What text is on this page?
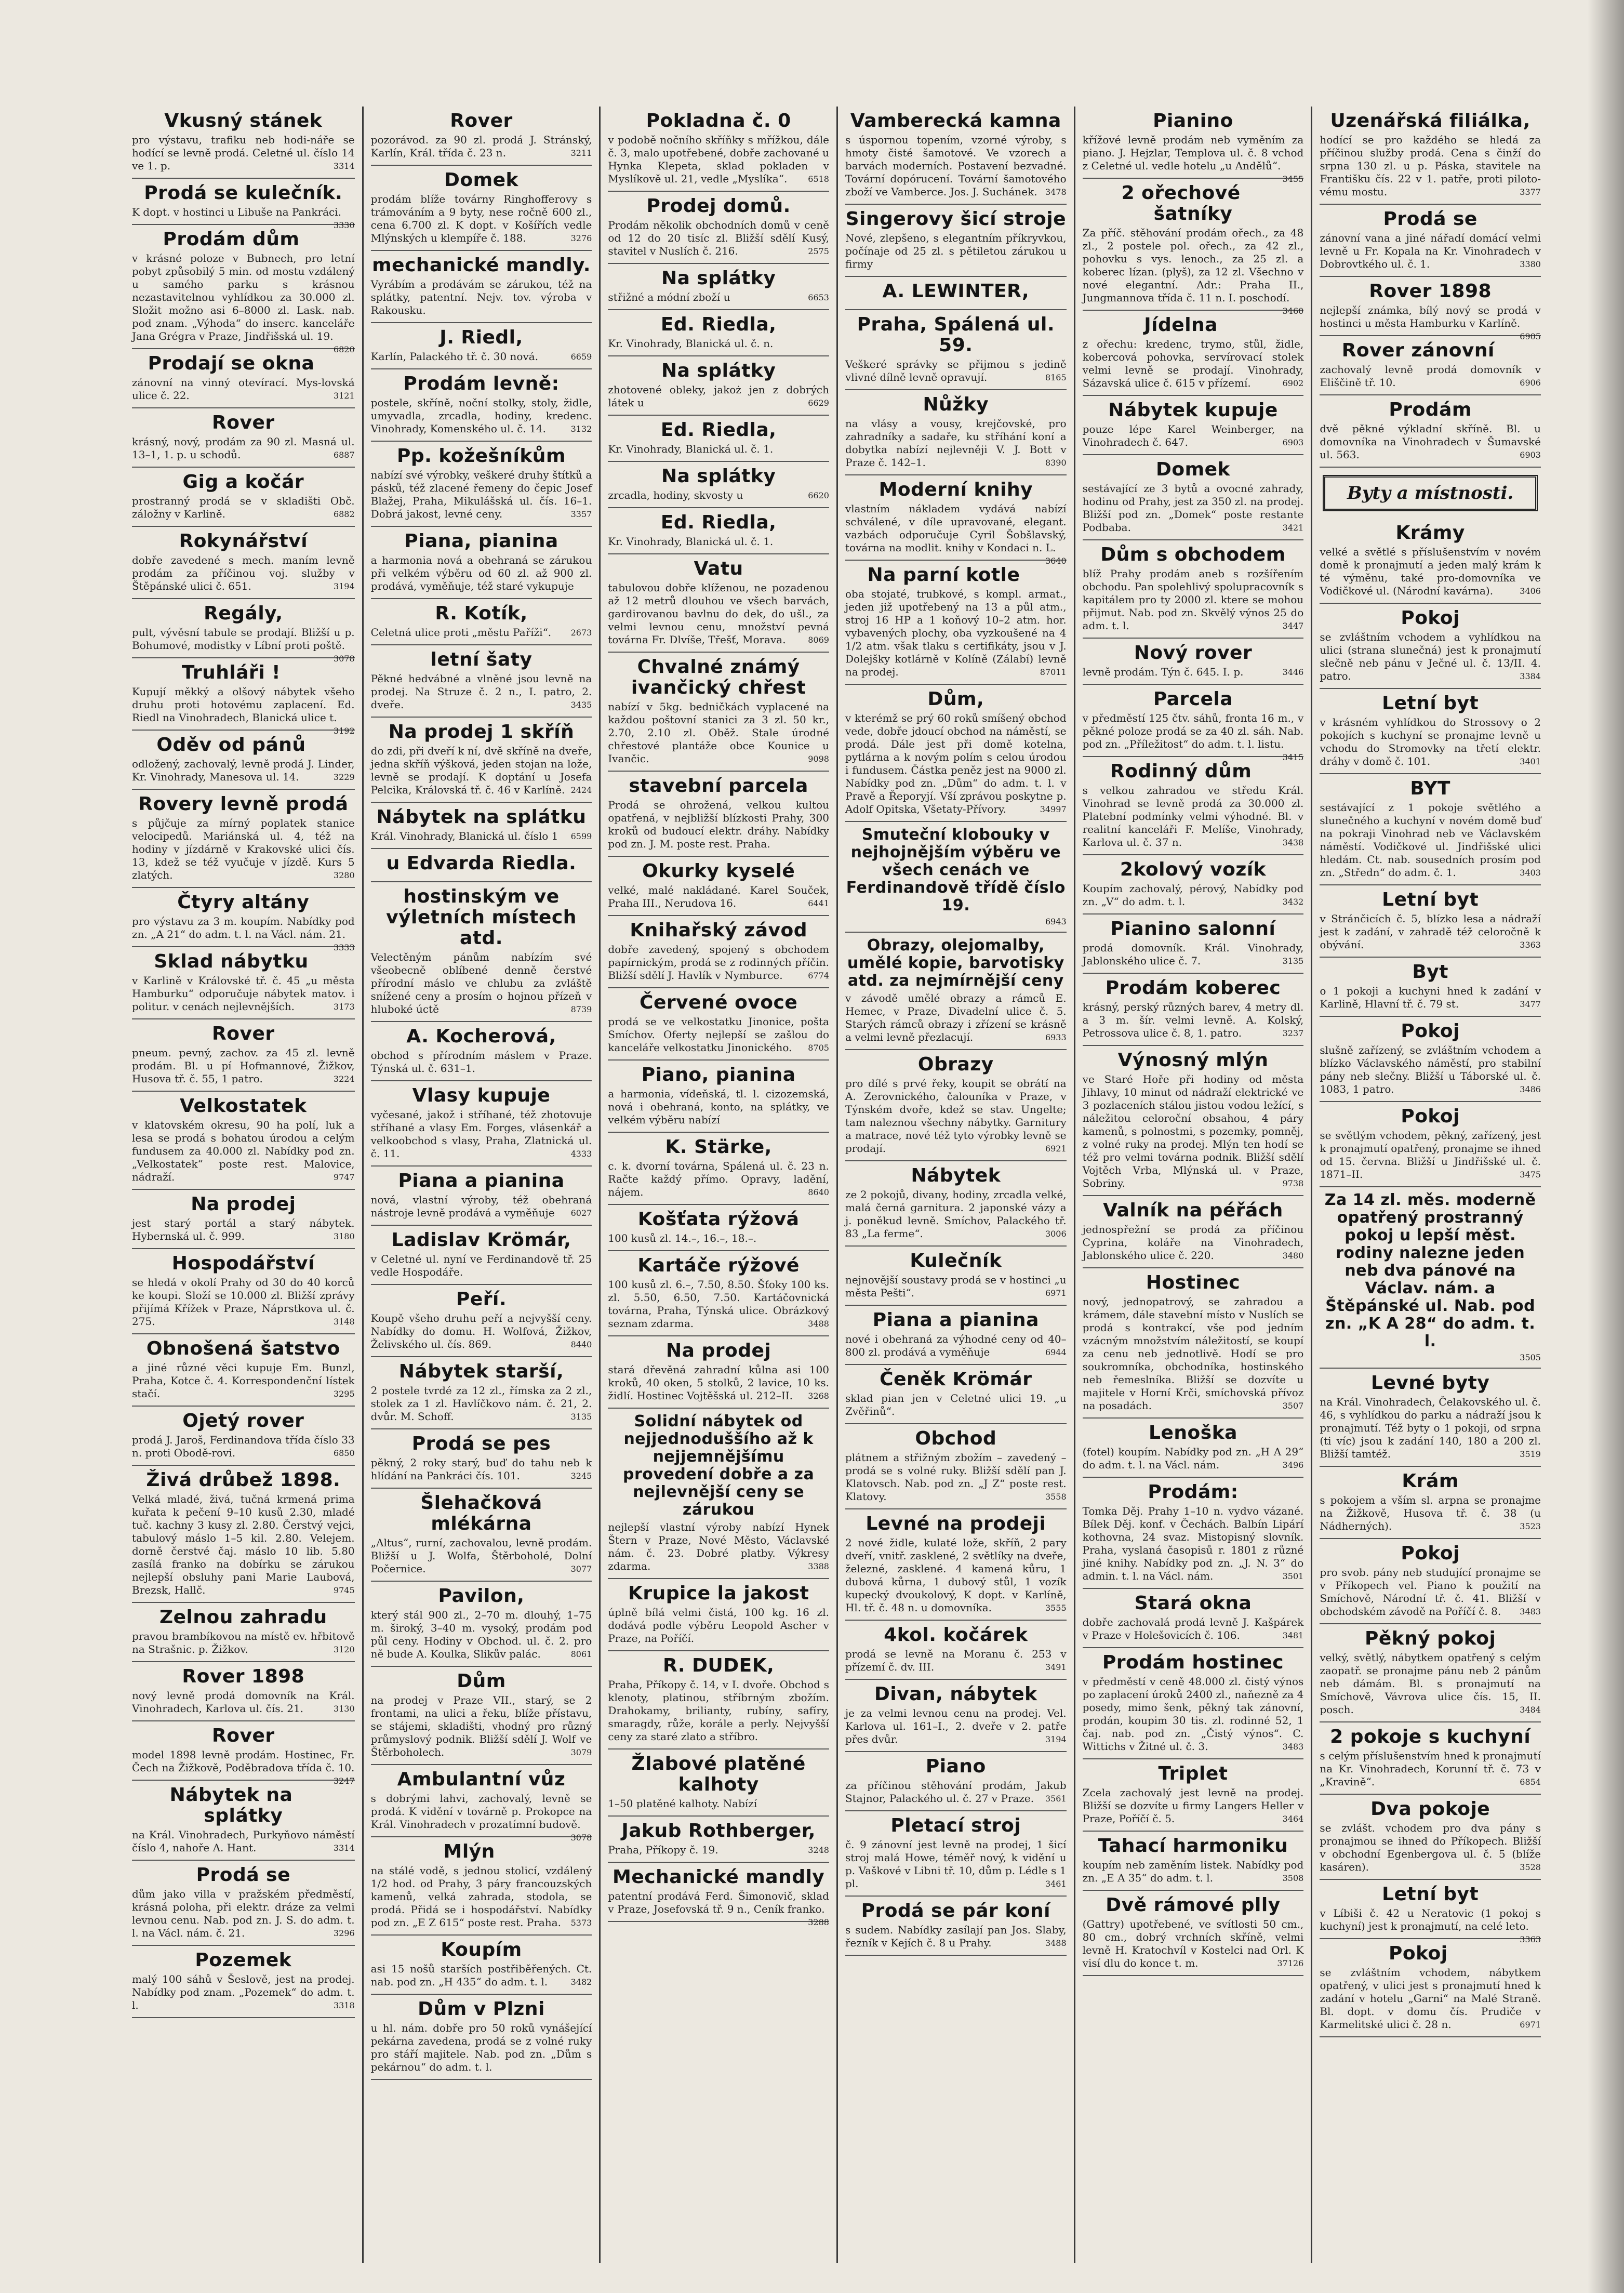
Vkusný stánek

pro výstavu, trafiku neb hodi-náře se hodící se levně prodá. Celetné ul. číslo 14 ve 1. p.	3314

Prodá se kulečník.

K dopt. v hostinci u Libuše na Pankráci.
3330

Prodám dům

v krásné poloze v Bubnech, pro letní pobyt způsobilý 5 min. od mostu vzdálený u samého parku s krásnou nezastavitelnou vyhlídkou za 30.000 zl. Složit možno asi 6–8000 zl. Lask. nab. pod znam. „Výhoda“ do inserc. kanceláře Jana Grégra v Praze, Jindřišská ul. 19.
6820

Prodají se okna

zánovní na vinný otevírací. Mys-lovská ulice č. 22.	3121

Rover

krásný, nový, prodám za 90 zl. Masná ul. 13–1, 1. p. u schodů.	6887

Gig a kočár

prostranný prodá se v skladišti Obč. záložny v Karlině.	6882

Rokynářství

dobře zavedené s mech. maním levně prodám za příčinou voj. služby v Štěpánské ulici č. 651.	3194

Regály,

pult, vývěsní tabule se prodají. Bližší u p. Bohumové, modistky v Líbní proti poště.
3078

Truhláři !

Kupují měkký a olšový nábytek všeho druhu proti hotovému zaplacení. Ed. Riedl na Vinohradech, Blanická ulice t.
3192

Oděv od pánů

odložený, zachovalý, levně prodá J. Linder, Kr. Vinohrady, Manesova ul. 14.	3229

Rovery levně prodá

s půjčuje za mírný poplatek stanice velocipedů. Mariánská ul. 4, též na hodiny v jízdárně v Krakovské ulici čís. 13, kdež se též vyučuje v jízdě. Kurs 5 zlatých.	3280

Čtyry altány

pro výstavu za 3 m. koupím. Nabídky pod zn. „A 21“ do adm. t. l. na Václ. nám. 21.
3333

Sklad nábytku

v Karlině v Královské tř. č. 45 „u města Hamburku“ odporučuje nábytek matov. i politur. v cenách nejlevnějších.	3173

Rover

pneum. pevný, zachov. za 45 zl. levně prodám. Bl. u pí Hofmannové, Žižkov, Husova tř. č. 55, 1 patro.	3224

Velkostatek

v klatovském okresu, 90 ha polí, luk a lesa se prodá s bohatou úrodou a celým fundusem za 40.000 zl. Nabídky pod zn. „Velkostatek“ poste rest. Malovice, nádraží.	9747

Na prodej

jest starý portál a starý nábytek. Hybernská ul. č. 999.	3180

Hospodářství

se hledá v okolí Prahy od 30 do 40 korců ke koupi. Složí se 10.000 zl. Bližší zprávy přijímá Křížek v Praze, Náprstkova ul. č. 275.	3148

Obnošená šatstvo

a jiné různé věci kupuje Em. Bunzl, Praha, Kotce č. 4. Korrespondenční lístek stačí.	3295

Ojetý rover

prodá J. Jaroš, Ferdinandova třída číslo 33 n. proti Obodě-rovi.	6850

Živá drůbež 1898.

Velká mladé, živá, tučná krmená prima kuřata k pečení 9–10 kusů 2.30, mladé tuč. kachny 3 kusy zl. 2.80. Čerstvý vejci, tabulový máslo 1–5 kil. 2.80. Velejem. dorně čerstvé čaj. máslo 10 lib. 5.80 zasílá franko na dobírku se zárukou nejlepší obsluhy pani Marie Laubová, Brezsk, Hallč.	9745

Zelnou zahradu

pravou brambíkovou na místě ev. hřbitově na Strašnic. p. Žižkov.	3120

Rover 1898

nový levně prodá domovník na Král. Vinohradech, Karlova ul. čís. 21.	3130

Rover

model 1898 levně prodám. Hostinec, Fr. Čech na Žižkově, Poděbradova třída č. 10.
3247

Nábytek na splátky

na Král. Vinohradech, Purkyňovo náměstí číslo 4, nahoře A. Hant.	3314

Prodá se

dům jako villa v pražském předměstí, krásná poloha, při elektr. dráze za velmi levnou cenu. Nab. pod zn. J. S. do adm. t. l. na Václ. nám. č. 21.	3296

Pozemek

malý 100 sáhů v Šeslově, jest na prodej. Nabídky pod znam. „Pozemek“ do adm. t. l.	3318

Rover

pozorávod. za 90 zl. prodá J. Stránský, Karlín, Král. třída č. 23 n.	3211

Domek

prodám blíže továrny Ringhofferovy s trámováním a 9 byty, nese ročně 600 zl., cena 6.700 zl. K dopt. v Košířích vedle Mlýnských u klempíře č. 188.	3276

mechanické mandly.

Vyrábím a prodávám se zárukou, též na splátky, patentní. Nejv. tov. výroba v Rakousku.

J. Riedl,

Karlín, Palackého tř. č. 30 nová.	6659

Prodám levně:

postele, skříně, noční stolky, stoly, židle, umyvadla, zrcadla, hodiny, kredenc. Vinohrady, Komenského ul. č. 14.	3132

Pp. kožešníkům

nabízí své výrobky, veškeré druhy štítků a pásků, též zlacené řemeny do čepic Josef Blažej, Praha, Mikulášská ul. čís. 16–1. Dobrá jakost, levné ceny.	3357

Piana, pianina

a harmonia nová a obehraná se zárukou při velkém výběru od 60 zl. až 900 zl. prodává, vyměňuje, též staré vykupuje

R. Kotík,

Celetná ulice proti „městu Paříži“. 2673

letní šaty

Pěkné hedvábné a vlněné jsou levně na prodej. Na Struze č. 2 n., I. patro, 2. dveře.	3435

Na prodej 1 skříň

do zdi, při dveří k ní, dvě skříně na dveře, jedna skříň výšková, jeden stojan na lože, levně se prodají. K doptání u Josefa Pelcika, Královská tř. č. 46 v Karlíně. 2424

Nábytek na splátku

Král. Vinohrady, Blanická ul. číslo 1 6599

u Edvarda Riedla.
hostinským ve výletních místech atd.

Velectěným pánům nabízím své všeobecně oblíbené denně čerstvé přírodní máslo ve chlubu za zvláště snížené ceny a prosím o hojnou přízeň v hluboké úctě	8739

A. Kocherová,

obchod s přírodním máslem v Praze. Týnská ul. č. 631–1.

Vlasy kupuje

vyčesané, jakož i stříhané, též zhotovuje stříhané a vlasy Em. Forges, vlásenkář a velkoobchod s vlasy, Praha, Zlatnická ul. č. 11.	4333

Piana a pianina

nová, vlastní výroby, též obehraná nástroje levně prodává a vyměňuje 6027

Ladislav Krömár,

v Celetné ul. nyní ve Ferdinandově tř. 25 vedle Hospodáře.

Peří.

Koupě všeho druhu peří a nejvyšší ceny. Nabídky do domu. H. Wolfová, Žižkov, Želivského ul. čís. 869.	8440

Nábytek starší,

2 postele tvrdé za 12 zl., římska za 2 zl., stolek za 1 zl. Havlíčkovo nám. č. 21, 2. dvůr. M. Schoff.	3135

Prodá se pes

pěkný, 2 roky starý, buď do tahu neb k hlídání na Pankráci čís. 101.	3245

Šlehačková mlékárna

„Altus“, rurní, zachovalou, levně prodám. Bližší u J. Wolfa, Štěrboholé, Dolní Počernice.	3077

Pavilon,

který stál 900 zl., 2–70 m. dlouhý, 1–75 m. široký, 3–40 m. vysoký, prodám pod půl ceny. Hodiny v Obchod. ul. č. 2. pro ně bude A. Koulka, Slikův palác.	8061

Dům

na prodej v Praze VII., starý, se 2 frontami, na ulici a řeku, blíže přístavu, se stájemi, skladišti, vhodný pro různý průmyslový podnik. Bližší sdělí J. Wolf ve Štěrboholech.	3079

Ambulantní vůz

s dobrými lahvi, zachovalý, levně se prodá. K vidění v továrně p. Prokopce na Král. Vinohradech v prozatímní budově.
3078

Mlýn

na stálé vodě, s jednou stolicí, vzdálený 1/2 hod. od Prahy, 3 páry francouzských kamenů, velká zahrada, stodola, se prodá. Přidá se i hospodářství. Nabídky pod zn. „E Z 615“ poste rest. Praha. 5373

Koupím

asi 15 nošů starších postřiběřených. Ct. nab. pod zn. „H 435“ do adm. t. l.	3482

Dům v Plzni

u hl. nám. dobře pro 50 roků vynášející pekárna zavedena, prodá se z volné ruky pro stáří majitele. Nab. pod zn. „Dům s pekárnou“ do adm. t. l.

Pokladna č. 0

v podobě nočního skříňky s mřížkou, dále č. 3, malo upotřebené, dobře zachované u Hynka Klepeta, sklad pokladen v Myslíkově ul. 21, vedle „Myslíka“. 6518

Prodej domů.

Prodám několik obchodních domů v ceně od 12 do 20 tisíc zl. Bližší sdělí Kusý, stavitel v Nuslích č. 216.	2575

Na splátky

střižné a módní zboží u	6653

Ed. Riedla,

Kr. Vinohrady, Blanická ul. č. n.

Na splátky

zhotovené obleky, jakoż jen z dobrých látek u	6629

Ed. Riedla,

Kr. Vinohrady, Blanická ul. č. 1.

Na splátky

zrcadla, hodiny, skvosty u	6620

Ed. Riedla,

Kr. Vinohrady, Blanická ul. č. 1.

Vatu

tabulovou dobře klíženou, ne pozadenou až 12 metrů dlouhou ve všech barvách, gardirovanou bavlnu do dek, do ušl., za velmi levnou cenu, množství pevná továrna Fr. Dlvíše, Třešť, Morava.	8069

Chvalné známý ivančický chřest

nabízí v 5kg. bedničkách vyplacené na každou poštovní stanici za 3 zl. 50 kr., 2.70, 2.10 zl. Oběž. Stale úrodné chřestové plantáže obce Kounice u Ivančic.	9098

stavební parcela

Prodá se ohrožená, velkou kultou opatřená, v nejbližší blízkosti Prahy, 300 kroků od budoucí elektr. dráhy. Nabídky pod zn. J. M. poste rest. Praha.

Okurky kyselé

velké, malé nakládané. Karel Souček, Praha III., Nerudova 16.	6441

Knihařský závod

dobře zavedený, spojený s obchodem papírnickým, prodá se z rodinných příčin. Bližší sdělí J. Havlík v Nymburce.	6774

Červené ovoce

prodá se ve velkostatku Jinonice, pošta Smíchov. Oferty nejlepší se zašlou do kanceláře velkostatku Jinonického. 8705

Piano, pianina

a harmonia, vídeňská, tl. l. cizozemská, nová i obehraná, konto, na splátky, ve velkém výběru nabízí

K. Stärke,

c. k. dvorní továrna, Spálená ul. č. 23 n. Račte každý přímo. Opravy, ladění, nájem.	8640

Košťata rýžová

100 kusů zl. 14.–, 16.–, 18.–.

Kartáče rýžové

100 kusů zl. 6.–, 7.50, 8.50. Šťoky 100 ks. zl. 5.50, 6.50, 7.50. Kartáčovnická továrna, Praha, Týnská ulice. Obrázkový seznam zdarma.	3488

Na prodej

stará dřevěná zahradní kůlna asi 100 kroků, 40 oken, 5 stolků, 2 lavice, 10 ks. židlí. Hostinec Vojtěšská ul. 212–II. 3268

Solidní nábytek od nejjednoduššího až k nejjemnějšímu provedení dobře a za nejlevnější ceny se zárukou

nejlepší vlastní výroby nabízí Hynek Štern v Praze, Nové Město, Václavské nám. č. 23. Dobré platby. Výkresy zdarma.	3388

Krupice la jakost

úplně bílá velmi čistá, 100 kg. 16 zl. dodává podle výběru Leopold Ascher v Praze, na Poříčí.

R. DUDEK,

Praha, Příkopy č. 14, v I. dvoře. Obchod s klenoty, platinou, stříbrným zbožím. Drahokamy, brilianty, rubíny, safíry, smaragdy, růže, korále a perly. Nejvyšší ceny za staré zlato a stříbro.

Žlabové platěné kalhoty

1–50 platěné kalhoty. Nabízí

Jakub Rothberger,

Praha, Příkopy č. 19.	3248

Mechanické mandly

patentní prodává Ferd. Šimonovič, sklad v Praze, Josefovská tř. 9 n., Ceník franko.
3288

Vamberecká kamna

s úspornou topením, vzorné výroby, s hmoty čisté šamotové. Ve vzorech a barvách moderních. Postavení bezvadné. Tovární dopórucení. Tovární šamotového zboží ve Vamberce. Jos. J. Suchánek. 3478

Singerovy šicí stroje

Nové, zlepšeno, s elegantním příkryvkou, počínaje od 25 zl. s pětiletou zárukou u firmy

A. LEWINTER,
Praha, Spálená ul. 59.

Veškeré správky se přijmou s jedině vlivné dílně levně opravují.	8165

Nůžky

na vlásy a vousy, krejčovské, pro zahradníky a sadaře, ku stříhání koní a dobytka nabízí nejlevněji V. J. Bott v Praze č. 142–1.	8390

Moderní knihy

vlastním nákladem vydává nabízí schválené, v díle upravované, elegant. vazbách odporučuje Cyril Šobšlavský, továrna na modlit. knihy v Kondaci n. L.
3640

Na parní kotle

oba stojaté, trubkové, s kompl. armat., jeden již upotřebený na 13 a půl atm., stroj 16 HP a 1 koňový 10–2 atm. hor. vybavených plochy, oba vyzkoušené na 4 1/2 atm. však tlaku s certifikáty, jsou v J. Dolejšky kotlárně v Kolíně (Zálabí) levně na prodej.	87011

Dům,

v kterémž se prý 60 roků smíšený obchod vede, dobře jdoucí obchod na náměstí, se prodá. Dále jest při domě kotelna, pytlárna a k novým polím s celou úrodou i fundusem. Částka peněz jest na 9000 zl. Nabídky pod zn. „Dům“ do adm. t. l. v Pravě a Řeporyjí. Vší zprávou poskytne p. Adolf Opitska, Všetaty-Přívory.	34997

Smuteční klobouky v nejhojnějším výběru ve všech cenách ve Ferdinandově třídě číslo 19.
6943
Obrazy, olejomalby, umělé kopie, barvotisky atd. za nejmírnější ceny

v závodě umělé obrazy a rámců E. Hemec, v Praze, Divadelní ulice č. 5. Starých rámců obrazy i zřízení se krásně a velmi levně přezlacují.	6933

Obrazy

pro dílé s prvé řeky, koupit se obrátí na A. Zerovnického, čalouníka v Praze, v Týnském dvoře, kdež se stav. Ungelte; tam naleznou všechny nábytky. Garnitury a matrace, nové též tyto výrobky levně se prodají.	6921

Nábytek

ze 2 pokojů, divany, hodiny, zrcadla velké, malá černá garnitura. 2 japonské vázy a j. poněkud levně. Smíchov, Palackého tř. 83 „La ferme“.	3006

Kulečník

nejnovější soustavy prodá se v hostinci „u města Pešti“.	6971

Piana a pianina

nové i obehraná za výhodné ceny od 40–800 zl. prodává a vyměňuje	6944

Čeněk Krömár

sklad pian jen v Celetné ulici 19. „u Zvěřinů“.

Obchod

plátnem a střižným zbožím – zavedený – prodá se s volné ruky. Bližší sdělí pan J. Klatovsch. Nab. pod zn. „J Z“ poste rest. Klatovy.	3558

Levné na prodeji

2 nové židle, kulaté lože, skříň, 2 pary dveří, vnitř. zasklené, 2 světlíky na dveře, železné, zasklené. 4 kamená kůru, 1 dubová kůrna, 1 dubový stůl, 1 vozík kupecký dvoukolový, K dopt. v Karlíně, Hl. tř. č. 48 n. u domovníka.	3555

4kol. kočárek

prodá se levně na Moranu č. 253 v přízemí č. dv. III.	3491

Divan, nábytek

je za velmi levnou cenu na prodej. Vel. Karlova ul. 161–I., 2. dveře v 2. patře přes dvůr.	3194

Piano

za příčinou stěhování prodám, Jakub Stajnor, Palackého ul. č. 27 v Praze. 3561

Pletací stroj

č. 9 zánovní jest levně na prodej, 1 šicí stroj malá Howe, téměř nový, k vidění u p. Vaškové v Libni tř. 10, dům p. Lédle s 1 pl.	3461

Prodá se pár koní

s sudem. Nabídky zasílají pan Jos. Slaby, řezník v Kejích č. 8 u Prahy.	3488

Pianino

křížové levně prodám neb vyměním za piano. J. Hejzlar, Templova ul. č. 8 vchod z Celetné ul. vedle hotelu „u Andělů“.
3455

2 ořechové šatníky

Za příč. stěhování prodám ořech., za 48 zl., 2 postele pol. ořech., za 42 zl., pohovku s vys. lenoch., za 25 zl. a koberec lízan. (plyš), za 12 zl. Všechno v nové elegantní. Adr.: Praha II., Jungmannova třída č. 11 n. I. poschodí.
3460

Jídelna

z ořechu: kredenc, trymo, stůl, židle, kobercová pohovka, servírovací stolek velmi levně se prodají. Vinohrady, Sázavská ulice č. 615 v přízemí.	6902

Nábytek kupuje

pouze lépe Karel Weinberger, na Vinohradech č. 647.	6903

Domek

sestávající ze 3 bytů a ovocné zahrady, hodinu od Prahy, jest za 350 zl. na prodej. Bližší pod zn. „Domek“ poste restante Podbaba.	3421

Dům s obchodem

blíž Prahy prodám aneb s rozšířením obchodu. Pan spolehlivý spolupracovník s kapitálem pro ty 2000 zl. ktere se mohou přijmut. Nab. pod zn. Skvělý výnos 25 do adm. t. l.	3447

Nový rover

levně prodám. Týn č. 645. I. p.	3446

Parcela

v předměstí 125 čtv. sáhů, fronta 16 m., v pěkné poloze prodá se za 40 zl. sáh. Nab. pod zn. „Příležitost“ do adm. t. l. listu.
3415

Rodinný dům

s velkou zahradou ve středu Král. Vinohrad se levně prodá za 30.000 zl. Platební podmínky velmi výhodné. Bl. v realitní kanceláři F. Melíše, Vinohrady, Karlova ul. č. 37 n.	3438

2kolový vozík

Koupím zachovalý, pérový, Nabídky pod zn. „V“ do adm. t. l.	3432

Pianino salonní

prodá domovník. Král. Vinohrady, Jablonského ulice č. 7.	3135

Prodám koberec

krásný, perský různých barev, 4 metry dl. a 3 m. šír. velmi levně. A. Kolský, Petrossova ulice č. 8, 1. patro.	3237

Výnosný mlýn

ve Staré Hoře při hodiny od města Jihlavy, 10 minut od nádraží elektrické ve 3 pozlaceních stálou jistou vodou ležící, s náležitou celoroční obsahou, 4 páry kamenů, s polnostmi, s pozemky, pomněj, z volné ruky na prodej. Mlýn ten hodí se též pro velmi továrna podnik. Bližší sdělí Vojtěch Vrba, Mlýnská ul. v Praze, Sobriny.	9738

Valník na péřách

jednospřežní se prodá za příčinou Cyprina, koláře na Vinohradech, Jablonského ulice č. 220.	3480

Hostinec

nový, jednopatrový, se zahradou a krámem, dále stavební místo v Nuslích se prodá s kontrakcí, vše pod jedním vzácným množstvím náležitostí, se koupí za cenu neb jednotlivě. Hodí se pro soukromníka, obchodníka, hostinského neb řemeslníka. Bližší se dozvíte u majitele v Horní Krči, smíchovská přívoz na posadách.	3507

Lenoška

(fotel) koupím. Nabídky pod zn. „H A 29“ do adm. t. l. na Václ. nám.	3496

Prodám:

Tomka Děj. Prahy 1–10 n. vydvo vázané. Bílek Děj. konf. v Čechách. Balbín Lipárí kothovna, 24 svaz. Mistopisný slovník. Praha, vyslaná časopisů r. 1801 z různé jiné knihy. Nabídky pod zn. „J. N. 3“ do admin. t. l. na Václ. nám.	3501

Stará okna

dobře zachovalá prodá levně J. Kašpárek v Praze v Holešovicích č. 106.	3481

Prodám hostinec

v předměstí v ceně 48.000 zl. čistý výnos po zaplacení úroků 2400 zl., naňezně za 4 posedy, mimo šenk, pěkný tak zánovní, prodán, koupim 30 tis. zl. rodinné 52, 1 čaj. nab. pod zn. „Čistý výnos“. C. Wittichs v Žitné ul. č. 3.	3483

Triplet

Zcela zachovalý jest levně na prodej. Bližší se dozvíte u firmy Langers Heller v Praze, Poříčí č. 5.	3464

Tahací harmoniku

koupím neb zaměním listek. Nabídky pod zn. „E A 35“ do adm. t. l.	3508

Dvě rámové plly

(Gattry) upotřebené, ve svítlosti 50 cm., 80 cm., dobrý vrchních skříně, velmi levně H. Kratochvíl v Kostelci nad Orl. K visí dlu do konce t. m.	37126

Uzenářská filiálka,

hodící se pro každého se hledá za příčinou služby prodá. Cena s činží do srpna 130 zl. u p. Páska, stavitele na Františku čís. 22 v 1. patře, proti piloto-vému mostu.	3377

Prodá se

zánovní vana a jiné nářadí domácí velmi levně u Fr. Kopala na Kr. Vinohradech v Dobrovtkého ul. č. 1.	3380

Rover 1898

nejlepší známka, bílý nový se prodá v hostinci u města Hamburku v Karlíně.
6905

Rover zánovní

zachovalý levně prodá domovník v Eliščině tř. 10.	6906

Prodám

dvě pěkné výkladní skříně. Bl. u domovníka na Vinohradech v Šumavské ul. 563.	6903

Byty a místnosti.
Krámy

velké a světlé s příslušenstvím v novém domě k pronajmutí a jeden malý krám k té výměnu, také pro-domovníka ve Vodičkové ul. (Národní kavárna).	3406

Pokoj

se zvláštním vchodem a vyhlídkou na ulici (strana slunečná) jest k pronajmutí slečně neb pánu v Ječné ul. č. 13/II. 4. patro.	3384

Letní byt

v krásném vyhlídkou do Strossovy o 2 pokojích s kuchyní se pronajme levně u vchodu do Stromovky na třetí elektr. dráhy v domě č. 101.	3401

BYT

sestávající z 1 pokoje světlého a slunečného a kuchyní v novém domě buď na pokraji Vinohrad neb ve Václavském náměstí. Vodičkové ul. Jindřišské ulici hledám. Ct. nab. sousedních prosím pod zn. „Středn“ do adm. č. 1.	3403

Letní byt

v Stránčicích č. 5, blízko lesa a nádraží jest k zadání, v zahradě též celoročně k obývání.	3363

Byt

o 1 pokoji a kuchyni hned k zadání v Karlině, Hlavní tř. č. 79 st.	3477

Pokoj

slušně zařízený, se zvláštním vchodem a blízko Václavského náměstí, pro stabilní pány neb slečny. Bližší u Táborské ul. č. 1083, 1 patro.	3486

Pokoj

se světlým vchodem, pěkný, zařízený, jest k pronajmutí opatřený, pronajme se ihned od 15. června. Bližší u Jindřišské ul. č. 1871–II.	3475

Za 14 zl. měs. moderně opatřený prostranný pokoj u lepší měst. rodiny nalezne jeden neb dva pánové na Václav. nám. a Štěpánské ul. Nab. pod zn. „K A 28“ do adm. t. l.
3505
Levné byty

na Král. Vinohradech, Čelakovského ul. č. 46, s vyhlídkou do parku a nádraží jsou k pronajmutí. Též byty o 1 pokoji, od srpna (ti víc) jsou k zadání 140, 180 a 200 zl. Bližší tamtéž.	3519

Krám

s pokojem a vším sl. arpna se pronajme na Žižkově, Husova tř. č. 38 (u Nádherných).	3523

Pokoj

pro svob. pány neb studující pronajme se v Příkopech vel. Piano k použití na Smíchově, Národní tř. č. 41. Bližší v obchodském závodě na Poříčí č. 8. 3483

Pěkný pokoj

velký, světlý, nábytkem opatřený s celým zaopatř. se pronajme pánu neb 2 pánům neb dámám. Bl. s pronajmutí na Smíchově, Vávrova ulice čís. 15, II. posch.	3484

2 pokoje s kuchyní

s celým příslušenstvím hned k pronajmutí na Kr. Vinohradech, Korunní tř. č. 73 v „Kravině“.	6854

Dva pokoje

se zvlášt. vchodem pro dva pány s pronajmou se ihned do Příkopech. Bližší v obchodní Egenbergova ul. č. 5 (blíže kasáren).	3528

Letní byt

v Líbiši č. 42 u Neratovic (1 pokoj s kuchyní) jest k pronajmutí, na celé leto.
3363

Pokoj

se zvláštním vchodem, nábytkem opatřený, v ulici jest s pronajmutí hned k zadání v hotelu „Garni“ na Malé Straně. Bl. dopt. v domu čís. Prudiče v Karmelitské ulici č. 28 n.	6971
